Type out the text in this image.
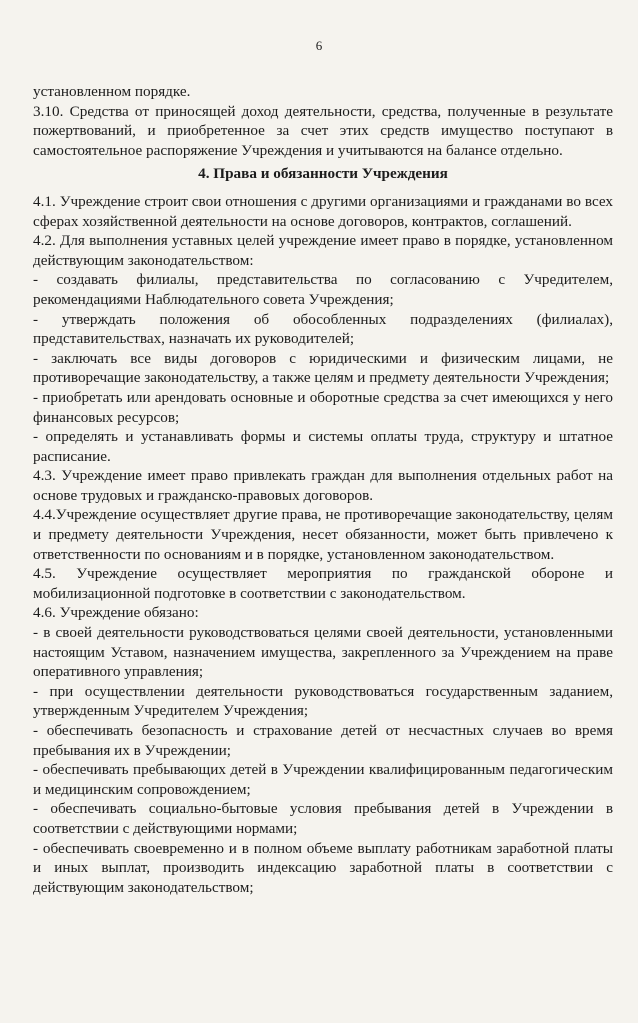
6

установленном порядке.

3.10. Средства от приносящей доход деятельности, средства, полученные в результате пожертвований, и приобретенное за счет этих средств имущество поступают в самостоятельное распоряжение Учреждения и учитываются на балансе отдельно.

4. Права и обязанности Учреждения

4.1. Учреждение строит свои отношения с другими организациями и гражданами во всех сферах хозяйственной деятельности на основе договоров, контрактов, соглашений.

4.2. Для выполнения уставных целей учреждение имеет право в порядке, установленном действующим законодательством:

- создавать филиалы, представительства по согласованию с Учредителем, рекомендациями Наблюдательного совета Учреждения;

- утверждать положения об обособленных подразделениях (филиалах), представительствах, назначать их руководителей;

- заключать все виды договоров с юридическими и физическим лицами, не противоречащие законодательству, а также целям и предмету деятельности Учреждения;

- приобретать или арендовать основные и оборотные средства за счет имеющихся у него финансовых ресурсов;

- определять и устанавливать формы и системы оплаты труда, структуру и штатное расписание.

4.3. Учреждение имеет право привлекать граждан для выполнения отдельных работ на основе трудовых и гражданско-правовых договоров.

4.4.Учреждение осуществляет другие права, не противоречащие законодательству, целям и предмету деятельности Учреждения, несет обязанности, может быть привлечено к ответственности по основаниям и в порядке, установленном законодательством.

4.5. Учреждение осуществляет мероприятия по гражданской обороне и мобилизационной подготовке в соответствии с законодательством.

4.6. Учреждение обязано:

- в своей деятельности руководствоваться целями своей деятельности, установленными настоящим Уставом, назначением имущества, закрепленного за Учреждением на праве оперативного управления;

- при осуществлении деятельности руководствоваться государственным заданием, утвержденным Учредителем Учреждения;

- обеспечивать безопасность и страхование детей от несчастных случаев во время пребывания их в Учреждении;

- обеспечивать пребывающих детей в Учреждении квалифицированным педагогическим и медицинским сопровождением;

- обеспечивать социально-бытовые условия пребывания детей в Учреждении в соответствии с действующими нормами;

- обеспечивать своевременно и в полном объеме выплату работникам заработной платы и иных выплат, производить индексацию заработной платы в соответствии с действующим законодательством;
